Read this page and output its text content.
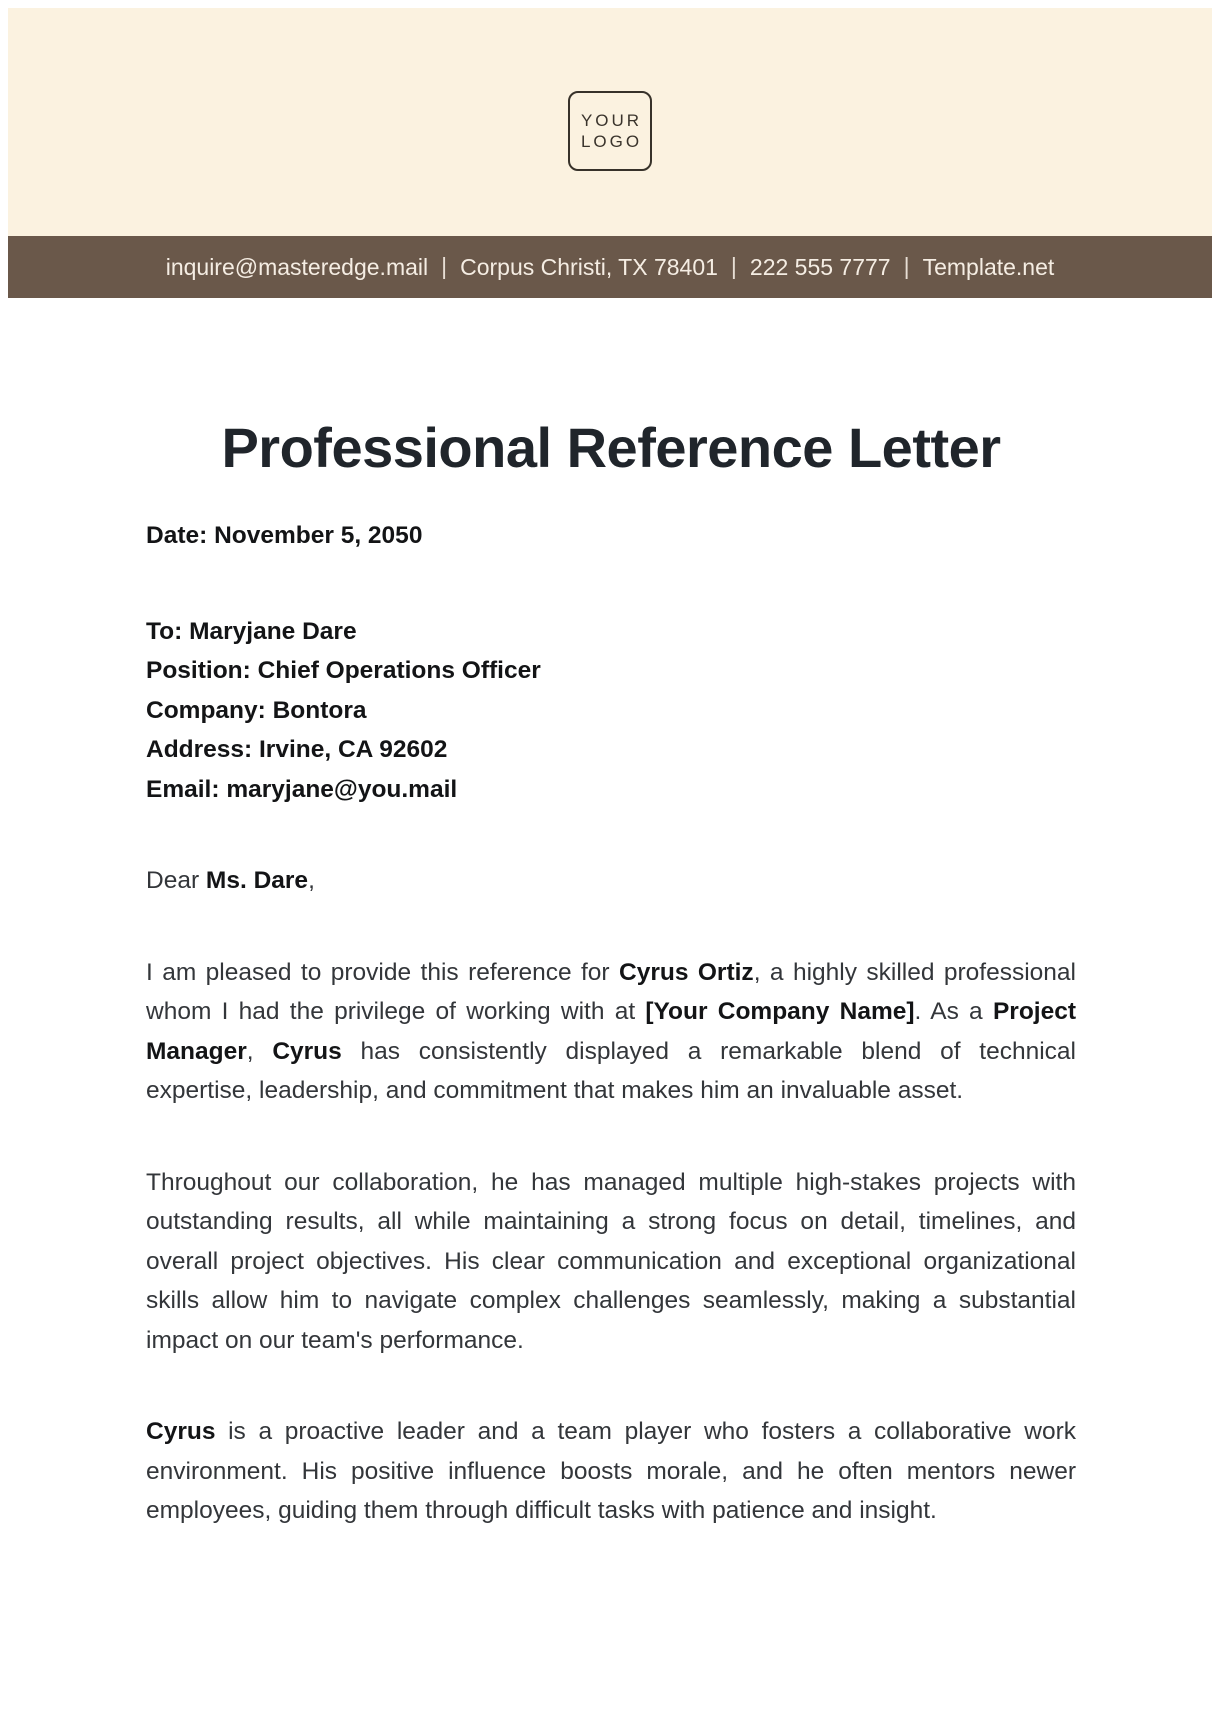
YOUR
LOGO
inquire@masteredge.mail | Corpus Christi, TX 78401 | 222 555 7777 | Template.net
Professional Reference Letter
Date: November 5, 2050
To: Maryjane Dare
Position: Chief Operations Officer
Company: Bontora
Address: Irvine, CA 92602
Email: maryjane@you.mail
Dear Ms. Dare,

I am pleased to provide this reference for Cyrus Ortiz, a highly skilled professional whom I had the privilege of working with at [Your Company Name]. As a Project Manager, Cyrus has consistently displayed a remarkable blend of technical expertise, leadership, and commitment that makes him an invaluable asset.

Throughout our collaboration, he has managed multiple high-stakes projects with outstanding results, all while maintaining a strong focus on detail, timelines, and overall project objectives. His clear communication and exceptional organizational skills allow him to navigate complex challenges seamlessly, making a substantial impact on our team's performance.

Cyrus is a proactive leader and a team player who fosters a collaborative work environment. His positive influence boosts morale, and he often mentors newer employees, guiding them through difficult tasks with patience and insight.
